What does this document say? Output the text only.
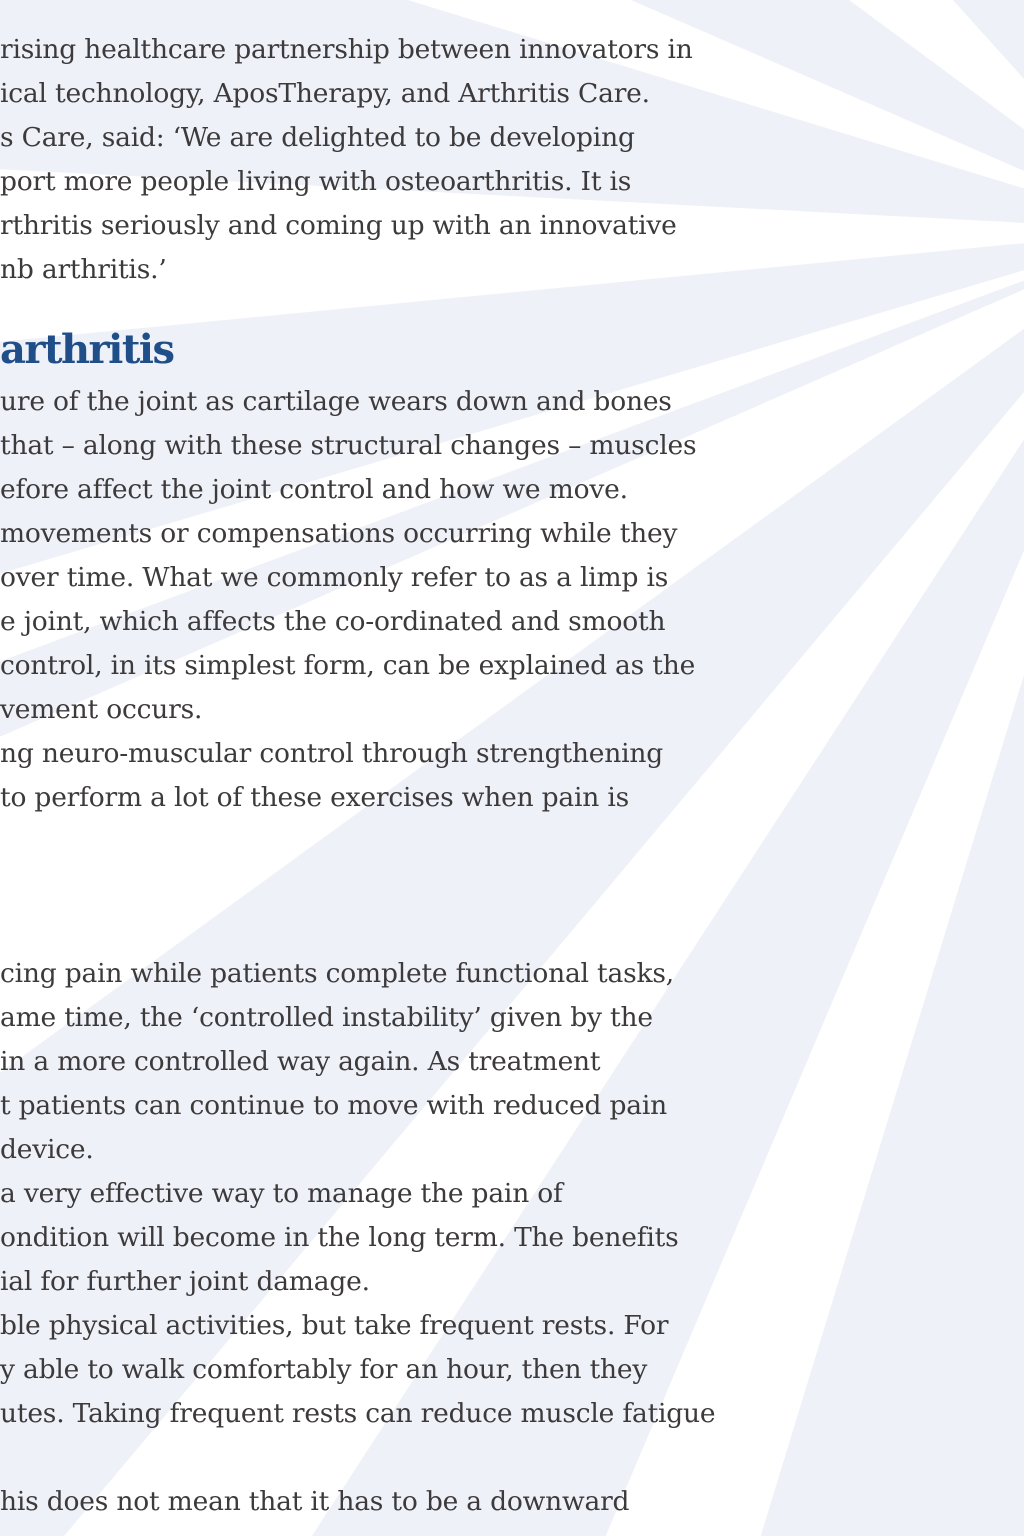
rising healthcare partnership between innovators in
ical technology, AposTherapy, and Arthritis Care.
s Care, said: ‘We are delighted to be developing
port more people living with osteoarthritis. It is
rthritis seriously and coming up with an innovative
nb arthritis.’
arthritis
ure of the joint as cartilage wears down and bones
that – along with these structural changes – muscles
efore affect the joint control and how we move.
movements or compensations occurring while they
over time. What we commonly refer to as a limp is
e joint, which affects the co-ordinated and smooth
control, in its simplest form, can be explained as the
vement occurs.
ng neuro-muscular control through strengthening
to perform a lot of these exercises when pain is
cing pain while patients complete functional tasks,
ame time, the ‘controlled instability’ given by the
in a more controlled way again. As treatment
t patients can continue to move with reduced pain
device.
a very effective way to manage the pain of
ondition will become in the long term. The benefits
ial for further joint damage.
ble physical activities, but take frequent rests. For
y able to walk comfortably for an hour, then they
utes. Taking frequent rests can reduce muscle fatigue
his does not mean that it has to be a downward
